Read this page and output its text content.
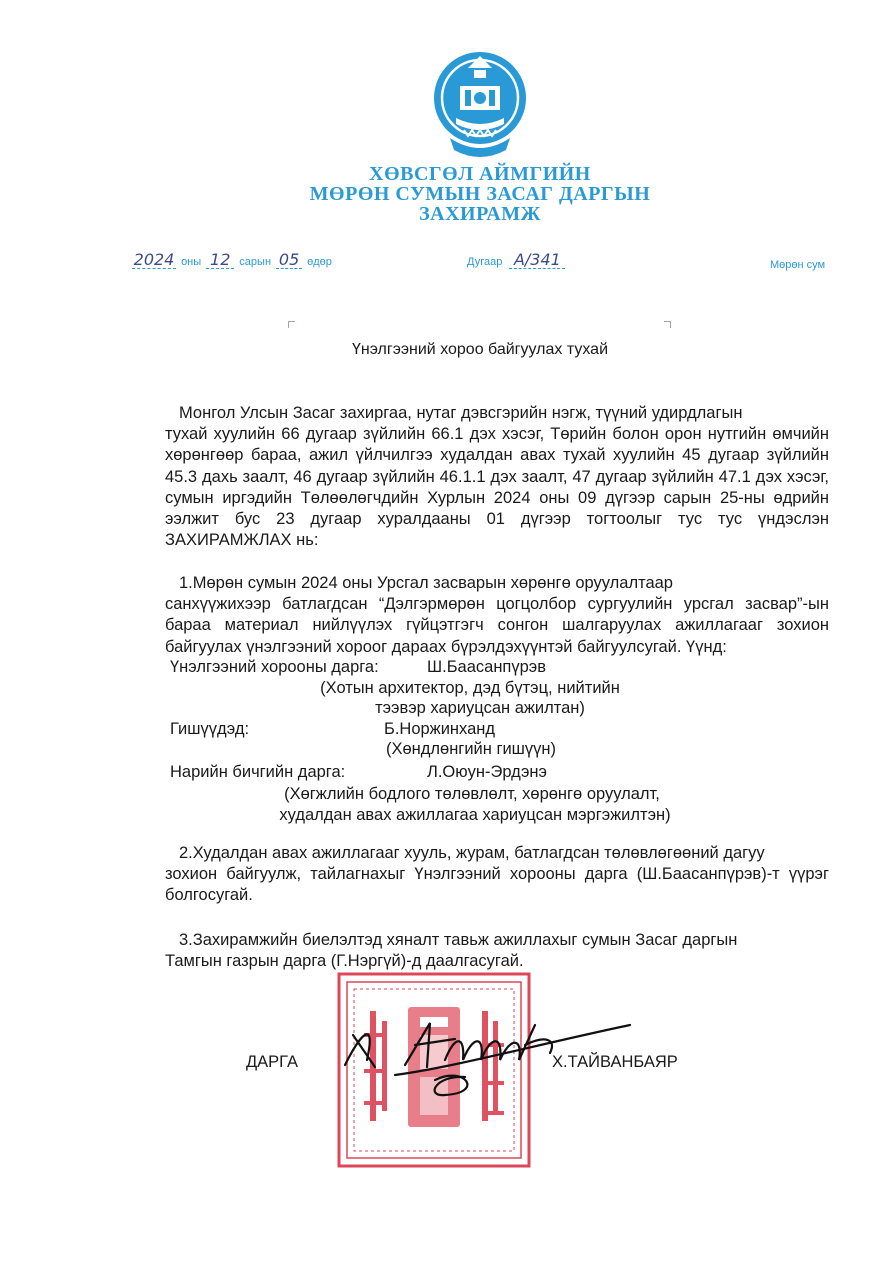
ХӨВСГӨЛ АЙМГИЙН
МӨРӨН СУМЫН ЗАСАГ ДАРГЫН
ЗАХИРАМЖ
2024 оны 12 сарын 05 өдөр	Дугаар А/341	Мөрөн сум
Үнэлгээний хороо байгуулах тухай
Монгол Улсын Засаг захиргаа, нутаг дэвсгэрийн нэгж, түүний удирдлагын
тухай хуулийн 66 дугаар зүйлийн 66.1 дэх хэсэг, Төрийн болон орон нутгийн өмчийн хөрөнгөөр бараа, ажил үйлчилгээ худалдан авах тухай хуулийн 45 дугаар зүйлийн 45.3 дахь заалт, 46 дугаар зүйлийн 46.1.1 дэх заалт, 47 дугаар зүйлийн 47.1 дэх хэсэг, сумын иргэдийн Төлөөлөгчдийн Хурлын 2024 оны 09 дүгээр сарын 25-ны өдрийн ээлжит бус 23 дугаар хуралдааны 01 дүгээр тогтоолыг тус тус үндэслэн ЗАХИРАМЖЛАХ нь:
1.Мөрөн сумын 2024 оны Урсгал засварын хөрөнгө оруулалтаар
санхүүжихээр батлагдсан “Дэлгэрмөрөн цогцолбор сургуулийн урсгал засвар”-ын бараа материал нийлүүлэх гүйцэтгэгч сонгон шалгаруулах ажиллагааг зохион байгуулах үнэлгээний хороог дараах бүрэлдэхүүнтэй байгуулсугай. Үүнд:
Үнэлгээний хорооны дарга:	Ш.Баасанпүрэв
(Хотын архитектор, дэд бүтэц, нийтийн
тээвэр хариуцсан ажилтан)
Гишүүдэд:	Б.Норжинханд
(Хөндлөнгийн гишүүн)
Нарийн бичгийн дарга:	Л.Оюун-Эрдэнэ
(Хөгжлийн бодлого төлөвлөлт, хөрөнгө оруулалт,
худалдан авах ажиллагаа хариуцсан мэргэжилтэн)
2.Худалдан авах ажиллагааг хууль, журам, батлагдсан төлөвлөгөөний дагуу
зохион байгуулж, тайлагнахыг Үнэлгээний хорооны дарга (Ш.Баасанпүрэв)-т үүрэг болгосугай.
3.Захирамжийн биелэлтэд хяналт тавьж ажиллахыг сумын Засаг даргын
Тамгын газрын дарга (Г.Нэргүй)-д даалгасугай.
ДАРГА	Х.ТАЙВАНБАЯР
